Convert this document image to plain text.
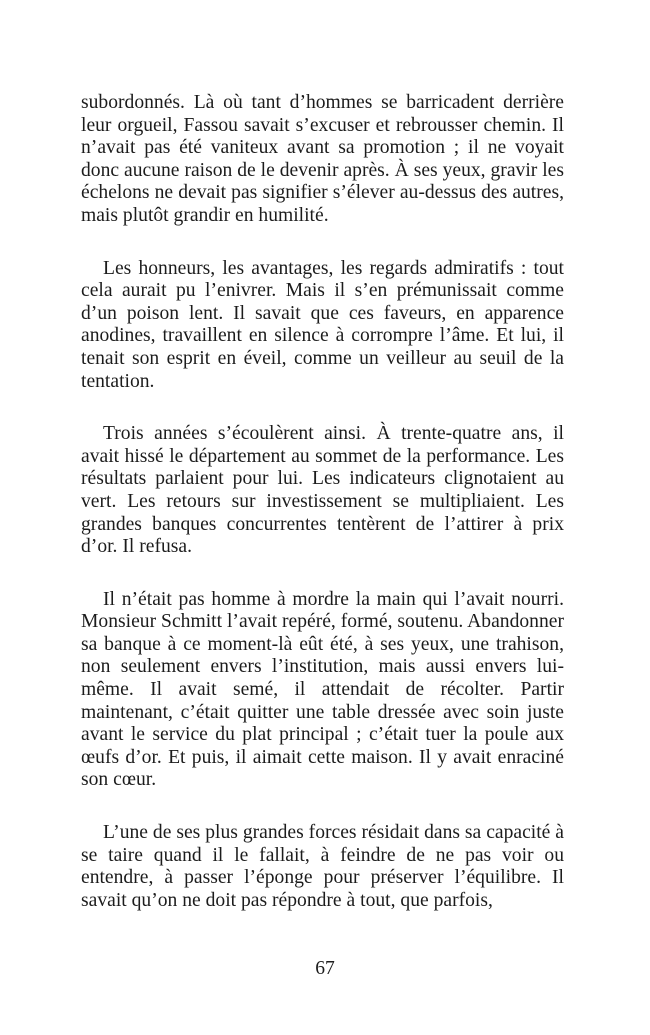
subordonnés. Là où tant d’hommes se barricadent derrière leur orgueil, Fassou savait s’excuser et rebrousser chemin. Il n’avait pas été vaniteux avant sa promotion ; il ne voyait donc aucune raison de le devenir après. À ses yeux, gravir les échelons ne devait pas signifier s’élever au-dessus des autres, mais plutôt grandir en humilité.

Les honneurs, les avantages, les regards admiratifs : tout cela aurait pu l’enivrer. Mais il s’en prémunissait comme d’un poison lent. Il savait que ces faveurs, en apparence anodines, travaillent en silence à corrompre l’âme. Et lui, il tenait son esprit en éveil, comme un veilleur au seuil de la tentation.

Trois années s’écoulèrent ainsi. À trente-quatre ans, il avait hissé le département au sommet de la performance. Les résultats parlaient pour lui. Les indicateurs clignotaient au vert. Les retours sur investissement se multipliaient. Les grandes banques concurrentes tentèrent de l’attirer à prix d’or. Il refusa.

Il n’était pas homme à mordre la main qui l’avait nourri. Monsieur Schmitt l’avait repéré, formé, soutenu. Abandonner sa banque à ce moment-là eût été, à ses yeux, une trahison, non seulement envers l’institution, mais aussi envers lui-même. Il avait semé, il attendait de récolter. Partir maintenant, c’était quitter une table dressée avec soin juste avant le service du plat principal ; c’était tuer la poule aux œufs d’or. Et puis, il aimait cette maison. Il y avait enraciné son cœur.

L’une de ses plus grandes forces résidait dans sa capacité à se taire quand il le fallait, à feindre de ne pas voir ou entendre, à passer l’éponge pour préserver l’équilibre. Il savait qu’on ne doit pas répondre à tout, que parfois,

67
